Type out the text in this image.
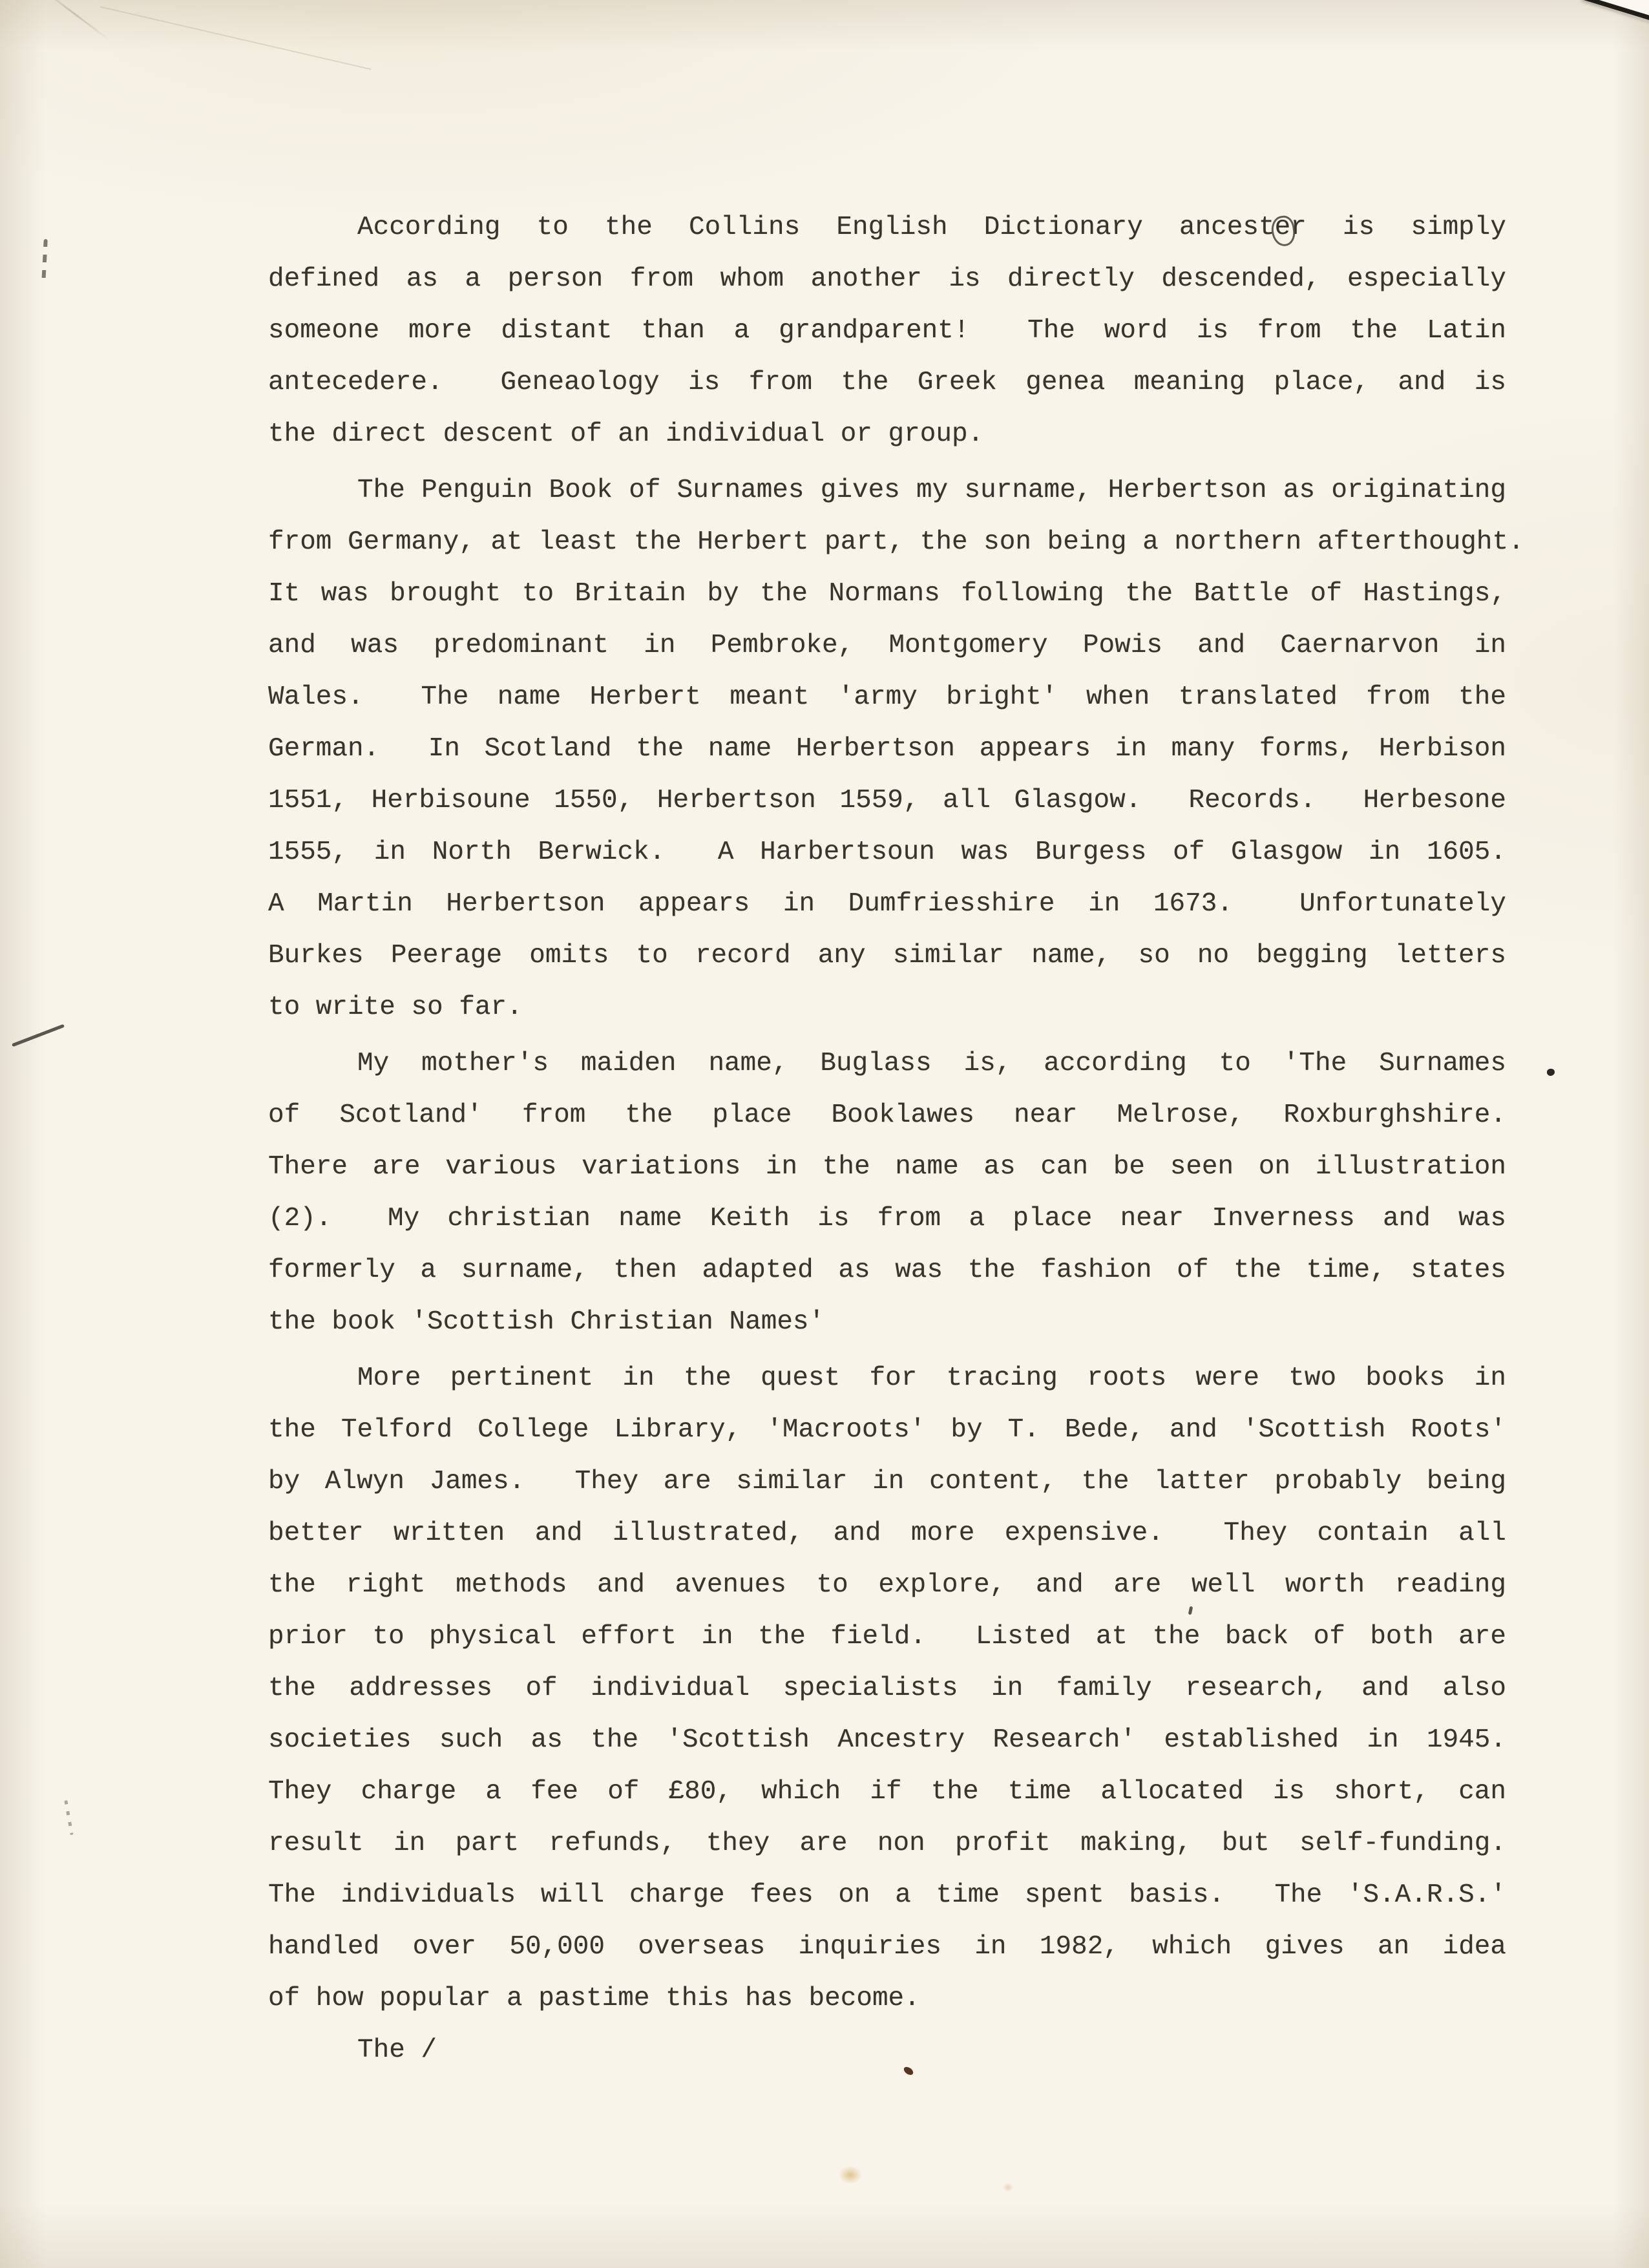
According to the Collins English Dictionary ancester is simply
defined as a person from whom another is directly descended, especially
someone more distant than a grandparent!  The word is from the Latin
antecedere.  Geneaology is from the Greek genea meaning place, and is
the direct descent of an individual or group.
The Penguin Book of Surnames gives my surname, Herbertson as originating
from Germany, at least the Herbert part, the son being a northern afterthought.
It was brought to Britain by the Normans following the Battle of Hastings,
and was predominant in Pembroke, Montgomery Powis and Caernarvon in
Wales.  The name Herbert meant 'army bright' when translated from the
German.  In Scotland the name Herbertson appears in many forms, Herbison
1551, Herbisoune 1550, Herbertson 1559, all Glasgow.  Records.  Herbesone
1555, in North Berwick.  A Harbertsoun was Burgess of Glasgow in 1605.
A Martin Herbertson appears in Dumfriesshire in 1673.  Unfortunately
Burkes Peerage omits to record any similar name, so no begging letters
to write so far.
My mother's maiden name, Buglass is, according to 'The Surnames
of Scotland' from the place Booklawes near Melrose, Roxburghshire.
There are various variations in the name as can be seen on illustration
(2).  My christian name Keith is from a place near Inverness and was
formerly a surname, then adapted as was the fashion of the time, states
the book 'Scottish Christian Names'
More pertinent in the quest for tracing roots were two books in
the Telford College Library, 'Macroots' by T. Bede, and 'Scottish Roots'
by Alwyn James.  They are similar in content, the latter probably being
better written and illustrated, and more expensive.  They contain all
the right methods and avenues to explore, and are well worth reading
prior to physical effort in the field.  Listed at the back of both are
the addresses of individual specialists in family research, and also
societies such as the 'Scottish Ancestry Research' established in 1945.
They charge a fee of £80, which if the time allocated is short, can
result in part refunds, they are non profit making, but self-funding.
The individuals will charge fees on a time spent basis.  The 'S.A.R.S.'
handled over 50,000 overseas inquiries in 1982, which gives an idea
of how popular a pastime this has become.
The /
